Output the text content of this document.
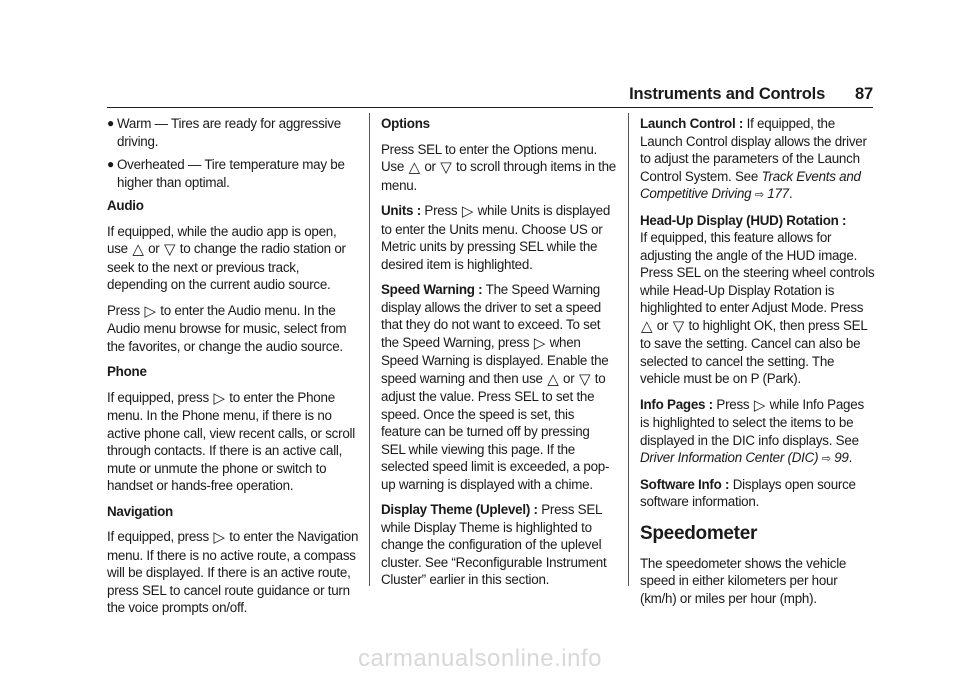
Instruments and Controls 87
● Warm — Tires are ready for aggressive driving.
● Overheated — Tire temperature may be higher than optimal.

Audio

If equipped, while the audio app is open, use △ or ▽ to change the radio station or seek to the next or previous track, depending on the current audio source.

Press ▷ to enter the Audio menu. In the Audio menu browse for music, select from the favorites, or change the audio source.

Phone

If equipped, press ▷ to enter the Phone menu. In the Phone menu, if there is no active phone call, view recent calls, or scroll through contacts. If there is an active call, mute or unmute the phone or switch to handset or hands-free operation.

Navigation

If equipped, press ▷ to enter the Navigation menu. If there is no active route, a compass will be displayed. If there is an active route, press SEL to cancel route guidance or turn the voice prompts on/off.

Options

Press SEL to enter the Options menu. Use △ or ▽ to scroll through items in the menu.

Units : Press ▷ while Units is displayed to enter the Units menu. Choose US or Metric units by pressing SEL while the desired item is highlighted.

Speed Warning : The Speed Warning display allows the driver to set a speed that they do not want to exceed. To set the Speed Warning, press ▷ when Speed Warning is displayed. Enable the speed warning and then use △ or ▽ to adjust the value. Press SEL to set the speed. Once the speed is set, this feature can be turned off by pressing SEL while viewing this page. If the selected speed limit is exceeded, a pop-up warning is displayed with a chime.

Display Theme (Uplevel) : Press SEL while Display Theme is highlighted to change the configuration of the uplevel cluster. See “Reconfigurable Instrument Cluster” earlier in this section.

Launch Control : If equipped, the Launch Control display allows the driver to adjust the parameters of the Launch Control System. See Track Events and Competitive Driving ⇨ 177.

Head-Up Display (HUD) Rotation :
If equipped, this feature allows for adjusting the angle of the HUD image. Press SEL on the steering wheel controls while Head-Up Display Rotation is highlighted to enter Adjust Mode. Press △ or ▽ to highlight OK, then press SEL to save the setting. Cancel can also be selected to cancel the setting. The vehicle must be on P (Park).

Info Pages : Press ▷ while Info Pages is highlighted to select the items to be displayed in the DIC info displays. See Driver Information Center (DIC) ⇨ 99.

Software Info : Displays open source software information.

Speedometer

The speedometer shows the vehicle speed in either kilometers per hour (km/h) or miles per hour (mph).

carmanualsonline.info
